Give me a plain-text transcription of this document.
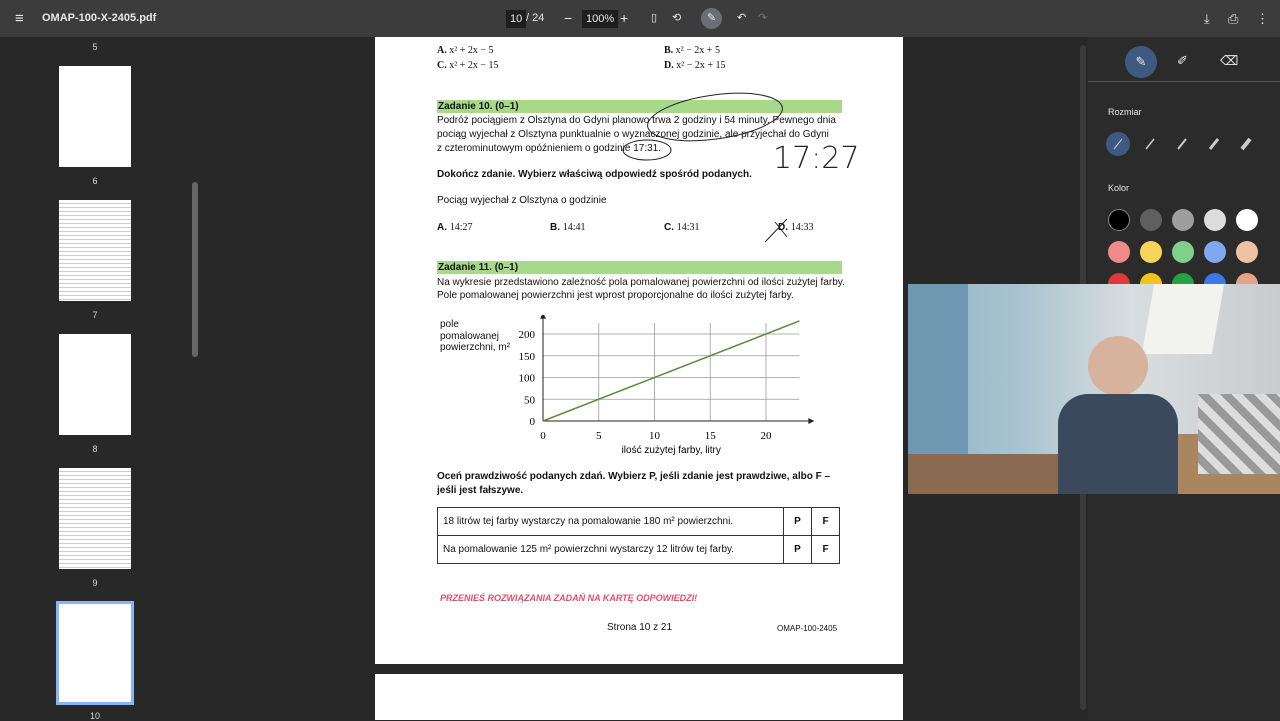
≡ OMAP-100-X-2405.pdf	10 / 24 −	100% + ▯ ⟲	✎	↶ ↷	⤓ ⎙ ⋮
5
6
7
8
9
10
A. x² + 2x − 5	B. x² − 2x + 5
C. x² + 2x − 15	D. x² − 2x + 15
Zadanie 10. (0–1)
Podróż pociągiem z Olsztyna do Gdyni planowo trwa 2 godziny i 54 minuty. Pewnego dnia
pociąg wyjechał z Olsztyna punktualnie o wyznaczonej godzinie, ale przyjechał do Gdyni
z czterominutowym opóźnieniem o godzinie 17:31.
Dokończ zdanie. Wybierz właściwą odpowiedź spośród podanych.
Pociąg wyjechał z Olsztyna o godzinie
A. 14:27	B. 14:41	C. 14:31	D. 14:33
17:27
Zadanie 11. (0–1)
Na wykresie przedstawiono zależność pola pomalowanej powierzchni od ilości zużytej farby.
Pole pomalowanej powierzchni jest wprost proporcjonalne do ilości zużytej farby.
pole
pomalowanej
powierzchni, m²
0
50
100
150
200
0	5	10	15	20
ilość zużytej farby, litry
Oceń prawdziwość podanych zdań. Wybierz P, jeśli zdanie jest prawdziwe, albo F –
jeśli jest fałszywe.
18 litrów tej farby wystarczy na pomalowanie 180 m² powierzchni.	P	F
Na pomalowanie 125 m² powierzchni wystarczy 12 litrów tej farby.	P	F
PRZENIEŚ ROZWIĄZANIA ZADAŃ NA KARTĘ ODPOWIEDZI!
Strona 10 z 21	OMAP-100-2405
✎	✐ ⌫
Rozmiar
Kolor
